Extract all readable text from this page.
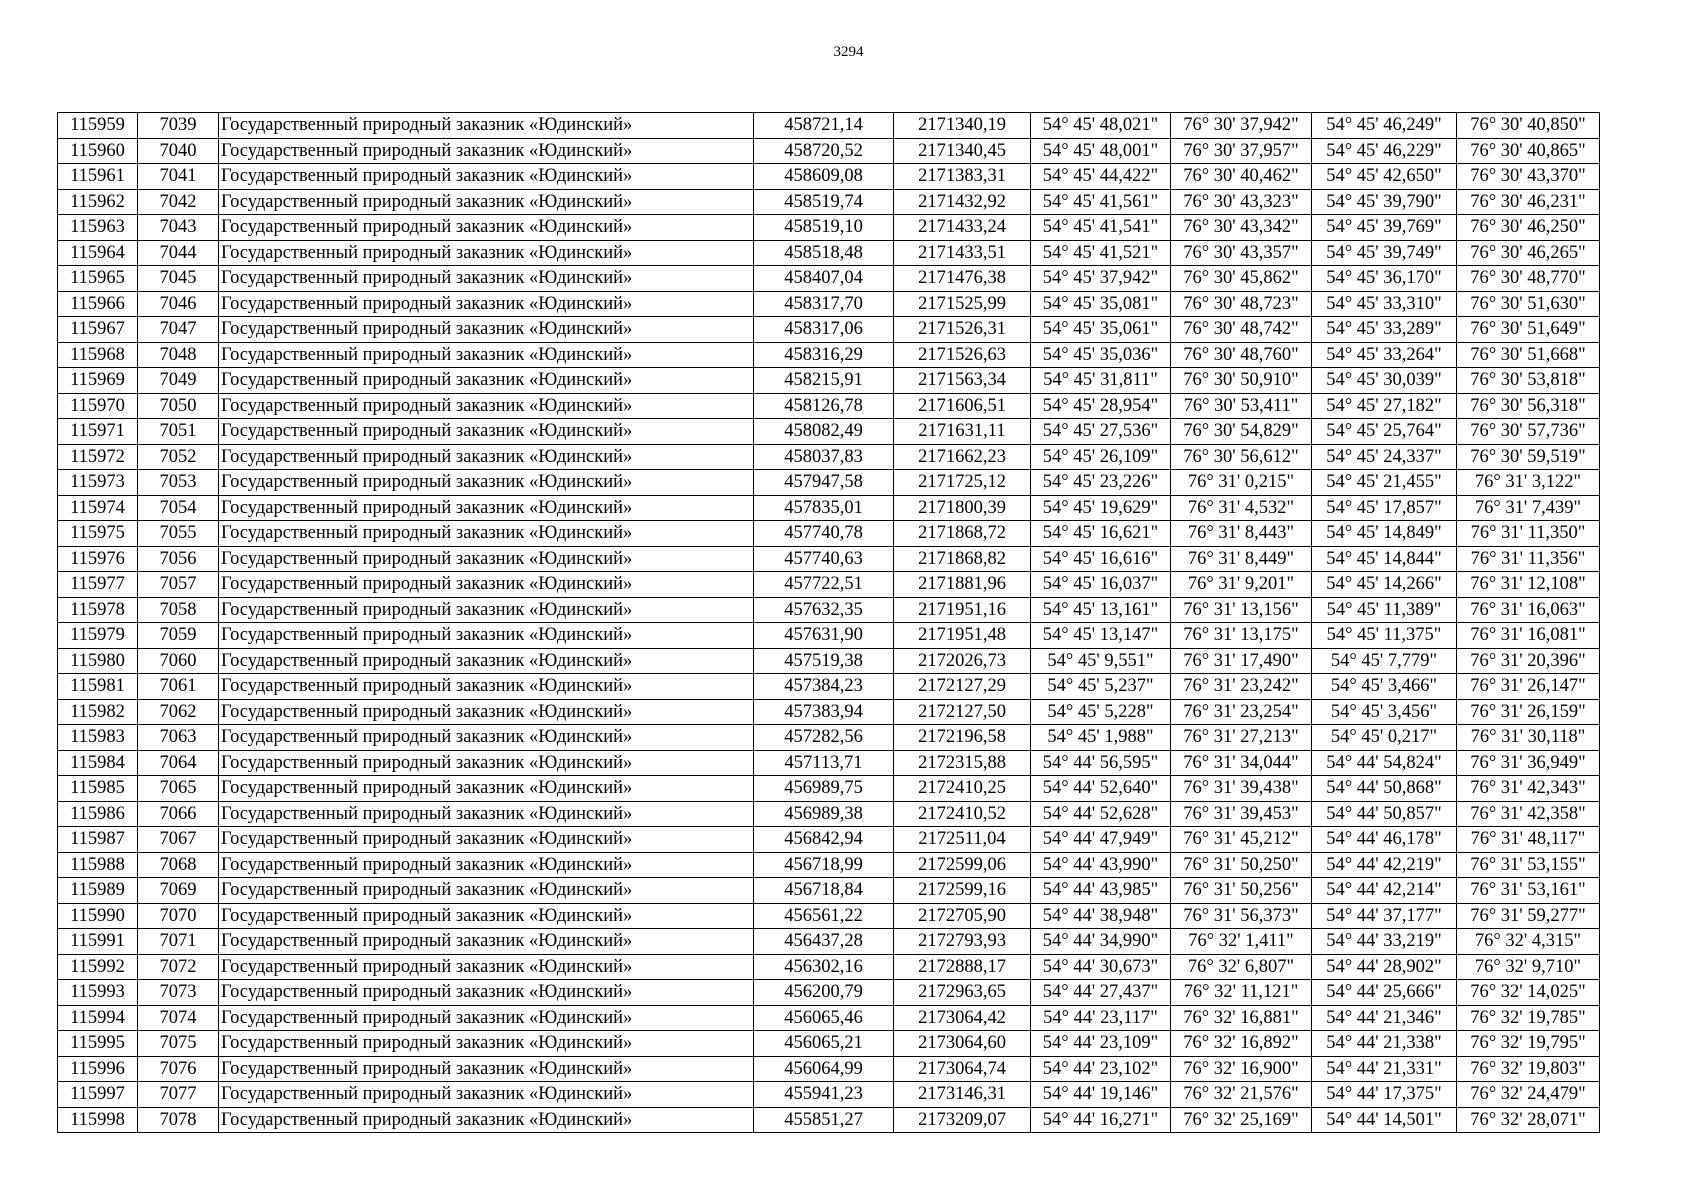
3294
115959	7039	Государственный природный заказник «Юдинский»	458721,14	2171340,19	54° 45' 48,021"	76° 30' 37,942"	54° 45' 46,249"	76° 30' 40,850"
115960	7040	Государственный природный заказник «Юдинский»	458720,52	2171340,45	54° 45' 48,001"	76° 30' 37,957"	54° 45' 46,229"	76° 30' 40,865"
115961	7041	Государственный природный заказник «Юдинский»	458609,08	2171383,31	54° 45' 44,422"	76° 30' 40,462"	54° 45' 42,650"	76° 30' 43,370"
115962	7042	Государственный природный заказник «Юдинский»	458519,74	2171432,92	54° 45' 41,561"	76° 30' 43,323"	54° 45' 39,790"	76° 30' 46,231"
115963	7043	Государственный природный заказник «Юдинский»	458519,10	2171433,24	54° 45' 41,541"	76° 30' 43,342"	54° 45' 39,769"	76° 30' 46,250"
115964	7044	Государственный природный заказник «Юдинский»	458518,48	2171433,51	54° 45' 41,521"	76° 30' 43,357"	54° 45' 39,749"	76° 30' 46,265"
115965	7045	Государственный природный заказник «Юдинский»	458407,04	2171476,38	54° 45' 37,942"	76° 30' 45,862"	54° 45' 36,170"	76° 30' 48,770"
115966	7046	Государственный природный заказник «Юдинский»	458317,70	2171525,99	54° 45' 35,081"	76° 30' 48,723"	54° 45' 33,310"	76° 30' 51,630"
115967	7047	Государственный природный заказник «Юдинский»	458317,06	2171526,31	54° 45' 35,061"	76° 30' 48,742"	54° 45' 33,289"	76° 30' 51,649"
115968	7048	Государственный природный заказник «Юдинский»	458316,29	2171526,63	54° 45' 35,036"	76° 30' 48,760"	54° 45' 33,264"	76° 30' 51,668"
115969	7049	Государственный природный заказник «Юдинский»	458215,91	2171563,34	54° 45' 31,811"	76° 30' 50,910"	54° 45' 30,039"	76° 30' 53,818"
115970	7050	Государственный природный заказник «Юдинский»	458126,78	2171606,51	54° 45' 28,954"	76° 30' 53,411"	54° 45' 27,182"	76° 30' 56,318"
115971	7051	Государственный природный заказник «Юдинский»	458082,49	2171631,11	54° 45' 27,536"	76° 30' 54,829"	54° 45' 25,764"	76° 30' 57,736"
115972	7052	Государственный природный заказник «Юдинский»	458037,83	2171662,23	54° 45' 26,109"	76° 30' 56,612"	54° 45' 24,337"	76° 30' 59,519"
115973	7053	Государственный природный заказник «Юдинский»	457947,58	2171725,12	54° 45' 23,226"	76° 31' 0,215"	54° 45' 21,455"	76° 31' 3,122"
115974	7054	Государственный природный заказник «Юдинский»	457835,01	2171800,39	54° 45' 19,629"	76° 31' 4,532"	54° 45' 17,857"	76° 31' 7,439"
115975	7055	Государственный природный заказник «Юдинский»	457740,78	2171868,72	54° 45' 16,621"	76° 31' 8,443"	54° 45' 14,849"	76° 31' 11,350"
115976	7056	Государственный природный заказник «Юдинский»	457740,63	2171868,82	54° 45' 16,616"	76° 31' 8,449"	54° 45' 14,844"	76° 31' 11,356"
115977	7057	Государственный природный заказник «Юдинский»	457722,51	2171881,96	54° 45' 16,037"	76° 31' 9,201"	54° 45' 14,266"	76° 31' 12,108"
115978	7058	Государственный природный заказник «Юдинский»	457632,35	2171951,16	54° 45' 13,161"	76° 31' 13,156"	54° 45' 11,389"	76° 31' 16,063"
115979	7059	Государственный природный заказник «Юдинский»	457631,90	2171951,48	54° 45' 13,147"	76° 31' 13,175"	54° 45' 11,375"	76° 31' 16,081"
115980	7060	Государственный природный заказник «Юдинский»	457519,38	2172026,73	54° 45' 9,551"	76° 31' 17,490"	54° 45' 7,779"	76° 31' 20,396"
115981	7061	Государственный природный заказник «Юдинский»	457384,23	2172127,29	54° 45' 5,237"	76° 31' 23,242"	54° 45' 3,466"	76° 31' 26,147"
115982	7062	Государственный природный заказник «Юдинский»	457383,94	2172127,50	54° 45' 5,228"	76° 31' 23,254"	54° 45' 3,456"	76° 31' 26,159"
115983	7063	Государственный природный заказник «Юдинский»	457282,56	2172196,58	54° 45' 1,988"	76° 31' 27,213"	54° 45' 0,217"	76° 31' 30,118"
115984	7064	Государственный природный заказник «Юдинский»	457113,71	2172315,88	54° 44' 56,595"	76° 31' 34,044"	54° 44' 54,824"	76° 31' 36,949"
115985	7065	Государственный природный заказник «Юдинский»	456989,75	2172410,25	54° 44' 52,640"	76° 31' 39,438"	54° 44' 50,868"	76° 31' 42,343"
115986	7066	Государственный природный заказник «Юдинский»	456989,38	2172410,52	54° 44' 52,628"	76° 31' 39,453"	54° 44' 50,857"	76° 31' 42,358"
115987	7067	Государственный природный заказник «Юдинский»	456842,94	2172511,04	54° 44' 47,949"	76° 31' 45,212"	54° 44' 46,178"	76° 31' 48,117"
115988	7068	Государственный природный заказник «Юдинский»	456718,99	2172599,06	54° 44' 43,990"	76° 31' 50,250"	54° 44' 42,219"	76° 31' 53,155"
115989	7069	Государственный природный заказник «Юдинский»	456718,84	2172599,16	54° 44' 43,985"	76° 31' 50,256"	54° 44' 42,214"	76° 31' 53,161"
115990	7070	Государственный природный заказник «Юдинский»	456561,22	2172705,90	54° 44' 38,948"	76° 31' 56,373"	54° 44' 37,177"	76° 31' 59,277"
115991	7071	Государственный природный заказник «Юдинский»	456437,28	2172793,93	54° 44' 34,990"	76° 32' 1,411"	54° 44' 33,219"	76° 32' 4,315"
115992	7072	Государственный природный заказник «Юдинский»	456302,16	2172888,17	54° 44' 30,673"	76° 32' 6,807"	54° 44' 28,902"	76° 32' 9,710"
115993	7073	Государственный природный заказник «Юдинский»	456200,79	2172963,65	54° 44' 27,437"	76° 32' 11,121"	54° 44' 25,666"	76° 32' 14,025"
115994	7074	Государственный природный заказник «Юдинский»	456065,46	2173064,42	54° 44' 23,117"	76° 32' 16,881"	54° 44' 21,346"	76° 32' 19,785"
115995	7075	Государственный природный заказник «Юдинский»	456065,21	2173064,60	54° 44' 23,109"	76° 32' 16,892"	54° 44' 21,338"	76° 32' 19,795"
115996	7076	Государственный природный заказник «Юдинский»	456064,99	2173064,74	54° 44' 23,102"	76° 32' 16,900"	54° 44' 21,331"	76° 32' 19,803"
115997	7077	Государственный природный заказник «Юдинский»	455941,23	2173146,31	54° 44' 19,146"	76° 32' 21,576"	54° 44' 17,375"	76° 32' 24,479"
115998	7078	Государственный природный заказник «Юдинский»	455851,27	2173209,07	54° 44' 16,271"	76° 32' 25,169"	54° 44' 14,501"	76° 32' 28,071"
